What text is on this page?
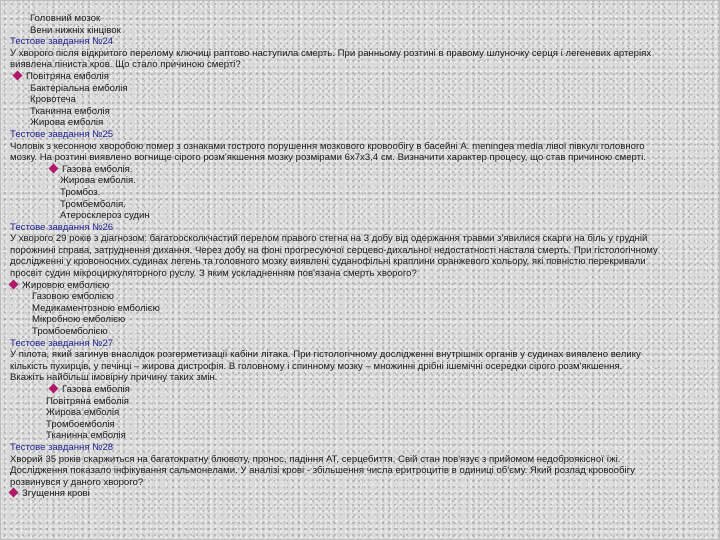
Головний мозок
Вени нижніх кінцівок
Тестове завдання №24
У хворого після відкритого перелому ключиці раптово наступила смерть. При ранньому розтині в правому шлуночку серця і легеневих артеріях
виявлена піниста кров. Що стало причиною смерті?
Повітряна емболія
Бактеріальна емболія
Кровотеча
Тканинна емболія
Жирова емболія
Тестове завдання №25
Чоловік з кесонною хворобою помер з ознаками гострого порушення мозкового кровообігу в басейні A. meningea media лівої півкулі головного
мозку. На розтині виявлено вогнище сірого розм'якшення мозку розмірами 6x7x3,4 см. Визначити характер процесу, що став причиною смерті.
Газова емболія.
Жирова емболія.
Тромбоз.
Тромбемболія.
Атеросклероз судин
Тестове завдання №26
У хворого 29 років з діагнозом: багатоосколкчастий перелом правого стегна на 3 добу від одержання травми з'явилися скарги на біль у грудній
порожнині справа, затруднення дихання. Через добу на фоні прогресуючої серцево-дихальної недостатності настала смерть. При гістологічному
дослідженні у кровоносних судинах легень та головного мозку виявлені суданофільні краплини оранжевого кольору, які повністю перекривали
просвіт судин мікроциркуляторного руслу. З яким ускладненням пов'язана смерть хворого?
Жировою емболією
Газовою емболією
Медикаментозною емболією
Мікробною емболією
Тромбоемболією
Тестове завдання №27
У пілота, який загинув внаслідок розгерметизації кабіни літака. При гістологічному дослідженні внутрішніх органів у судинах виявлено велику
кількість пухирців, у печінці – жирова дистрофія. В головному і спинному мозку – множинні дрібні ішемічні осередки сірого розм'якшення.
Вкажіть найбільш імовірну причину таких змін.
Газова емболія
Повітряна емболія
Жирова емболія
Тромбоемболія
Тканинна емболія
Тестове завдання №28
Хворий 35 років скаржиться на багатократну блювоту, пронос, падіння АТ, серцебиття. Свій стан пов'язує з прийомом недоброякісної їжі.
Дослідження показало інфікування сальмонелами. У аналізі крові - збільшення числа еритроцитів в одиниці об'єму. Який розлад кровообігу
розвинувся у даного хворого?
Згущення крові
